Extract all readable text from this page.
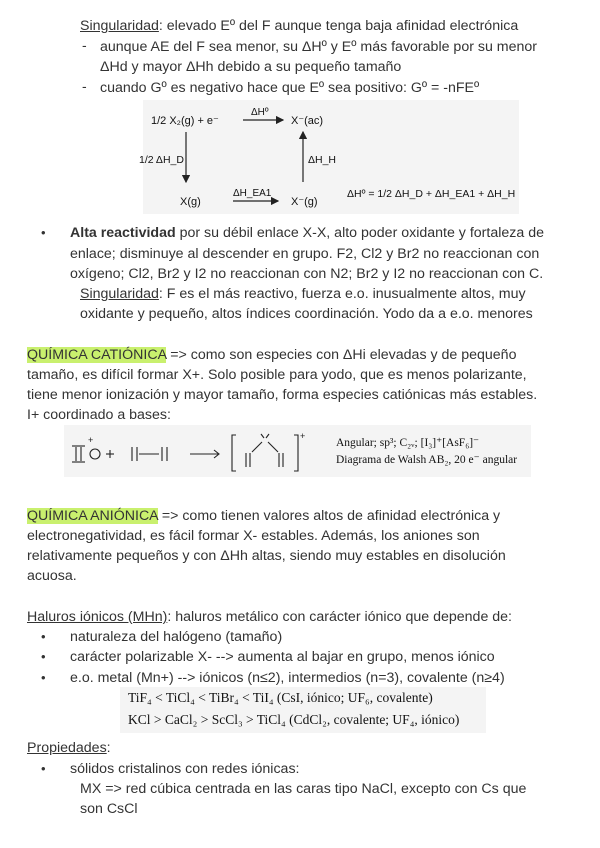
Singularidad: elevado Eº del F aunque tenga baja afinidad electrónica
- aunque AE del F sea menor, su ΔHº y Eº más favorable por su menor
ΔHd y mayor ΔHh debido a su pequeño tamaño
- cuando Gº es negativo hace que Eº sea positivo: Gº = -nFEº
1/2 X₂(g) + e⁻	X⁻(ac)
ΔHº
1/2 ΔH_D	ΔH_H
X(g)	X⁻(g)
ΔH_EA1	ΔHº = 1/2 ΔH_D + ΔH_EA1 + ΔH_H
• Alta reactividad por su débil enlace X-X, alto poder oxidante y fortaleza de
enlace; disminuye al descender en grupo. F2, Cl2 y Br2 no reaccionan con
oxígeno; Cl2, Br2 y I2 no reaccionan con N2; Br2 y I2 no reaccionan con C.
Singularidad: F es el más reactivo, fuerza e.o. inusualmente altos, muy
oxidante y pequeño, altos índices coordinación. Yodo da a e.o. menores
QUÍMICA CATIÓNICA => como son especies con ΔHi elevadas y de pequeño
tamaño, es difícil formar X+. Solo posible para yodo, que es menos polarizante,
tiene menor ionización y mayor tamaño, forma especies catiónicas más estables.
I+ coordinado a bases:
+	+
Angular; sp³; C₂ᵥ; [I₃]⁺[AsF₆]⁻
Diagrama de Walsh AB₂, 20 e⁻ angular
QUÍMICA ANIÓNICA => como tienen valores altos de afinidad electrónica y
electronegatividad, es fácil formar X- estables. Además, los aniones son
relativamente pequeños y con ΔHh altas, siendo muy estables en disolución
acuosa.
Haluros iónicos (MHn): haluros metálico con carácter iónico que depende de:
• naturaleza del halógeno (tamaño)
• carácter polarizable X- --> aumenta al bajar en grupo, menos iónico
• e.o. metal (Mn+) --> iónicos (n≤2), intermedios (n=3), covalente (n≥4)
TiF₄ < TiCl₄ < TiBr₄ < TiI₄ (CsI, iónico; UF₆, covalente)
KCl > CaCl₂ > ScCl₃ > TiCl₄ (CdCl₂, covalente; UF₄, iónico)
Propiedades:
• sólidos cristalinos con redes iónicas:
MX => red cúbica centrada en las caras tipo NaCl, excepto con Cs que
son CsCl
